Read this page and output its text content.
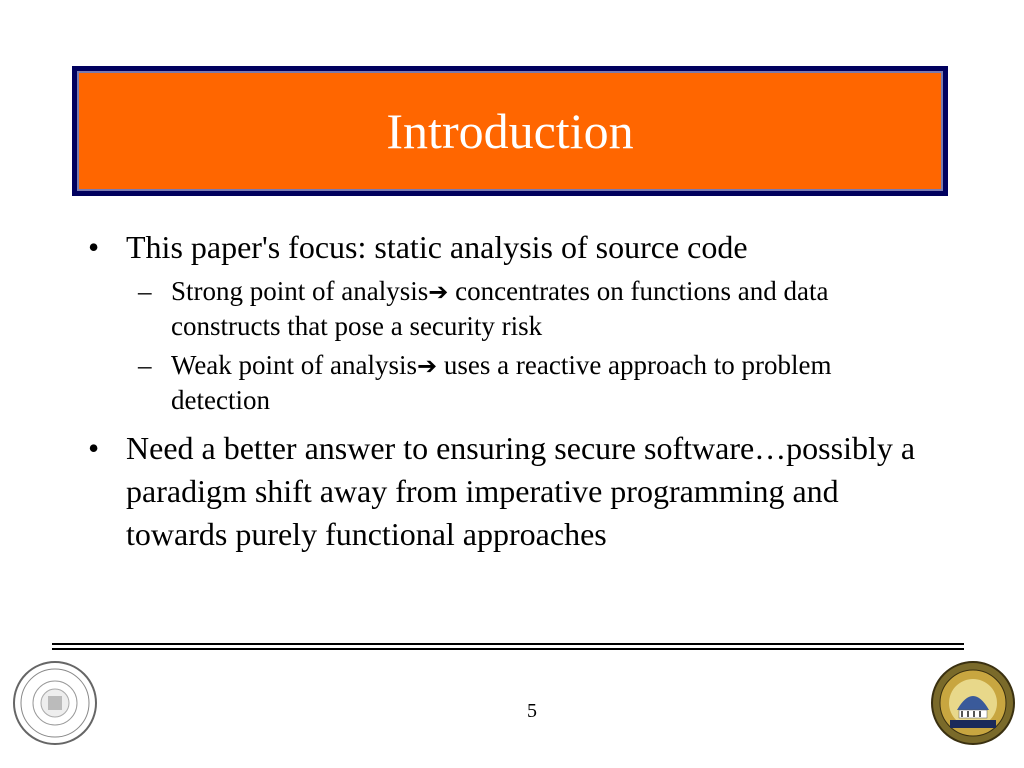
Introduction
• This paper's focus: static analysis of source code
– Strong point of analysis➔ concentrates on functions and data constructs that pose a security risk
– Weak point of analysis➔ uses a reactive approach to problem detection
• Need a better answer to ensuring secure software…possibly a paradigm shift away from imperative programming and towards purely functional approaches
5
